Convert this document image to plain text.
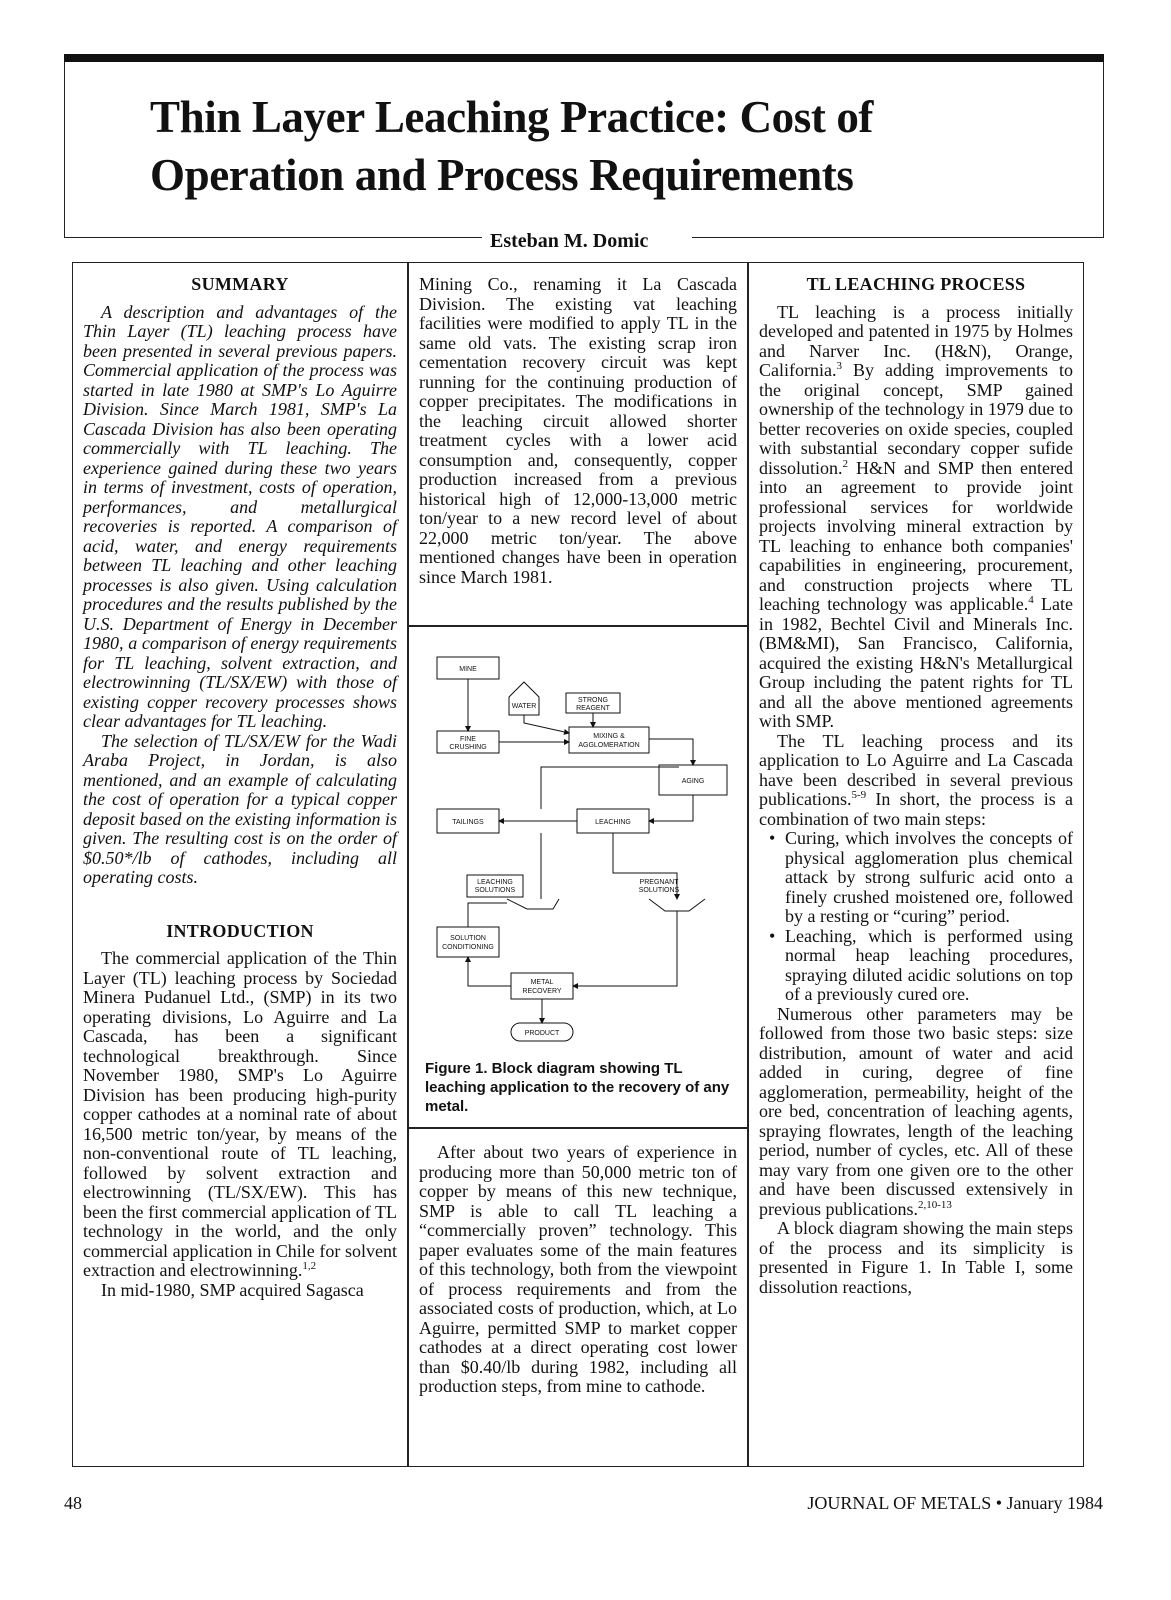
Thin Layer Leaching Practice: Cost of Operation and Process Requirements
Esteban M. Domic
SUMMARY

A description and advantages of the Thin Layer (TL) leaching process have been presented in several previous papers. Commercial application of the process was started in late 1980 at SMP's Lo Aguirre Division. Since March 1981, SMP's La Cascada Division has also been operating commercially with TL leaching. The experience gained during these two years in terms of investment, costs of operation, performances, and metallurgical recoveries is reported. A comparison of acid, water, and energy requirements between TL leaching and other leaching processes is also given. Using calculation procedures and the results published by the U.S. Department of Energy in December 1980, a comparison of energy requirements for TL leaching, solvent extraction, and electrowinning (TL/SX/EW) with those of existing copper recovery processes shows clear advantages for TL leaching.

The selection of TL/SX/EW for the Wadi Araba Project, in Jordan, is also mentioned, and an example of calculating the cost of operation for a typical copper deposit based on the existing information is given. The resulting cost is on the order of $0.50*/lb of cathodes, including all operating costs.

INTRODUCTION

The commercial application of the Thin Layer (TL) leaching process by Sociedad Minera Pudanuel Ltd., (SMP) in its two operating divisions, Lo Aguirre and La Cascada, has been a significant technological breakthrough. Since November 1980, SMP's Lo Aguirre Division has been producing high-purity copper cathodes at a nominal rate of about 16,500 metric ton/year, by means of the non-conventional route of TL leaching, followed by solvent extraction and electrowinning (TL/SX/EW). This has been the first commercial application of TL technology in the world, and the only commercial application in Chile for solvent extraction and electrowinning.$^{1,2}$

In mid-1980, SMP acquired Sagasca

Mining Co., renaming it La Cascada Division. The existing vat leaching facilities were modified to apply TL in the same old vats. The existing scrap iron cementation recovery circuit was kept running for the continuing production of copper precipitates. The modifications in the leaching circuit allowed shorter treatment cycles with a lower acid consumption and, consequently, copper production increased from a previous historical high of 12,000-13,000 metric ton/year to a new record level of about 22,000 metric ton/year. The above mentioned changes have been in operation since March 1981.

MINE
WATER
STRONG
REAGENT
FINE
CRUSHING
MIXING &
AGGLOMERATION
AGING
TAILINGS	LEACHING
LEACHING
SOLUTIONS
PREGNANT
SOLUTIONS
SOLUTION
CONDITIONING
METAL
RECOVERY
PRODUCT
Figure 1. Block diagram showing TL leaching application to the recovery of any metal.

After about two years of experience in producing more than 50,000 metric ton of copper by means of this new technique, SMP is able to call TL leaching a “commercially proven” technology. This paper evaluates some of the main features of this technology, both from the viewpoint of process requirements and from the associated costs of production, which, at Lo Aguirre, permitted SMP to market copper cathodes at a direct operating cost lower than $0.40/lb during 1982, including all production steps, from mine to cathode.

TL LEACHING PROCESS

TL leaching is a process initially developed and patented in 1975 by Holmes and Narver Inc. (H&N), Orange, California.$^3$ By adding improvements to the original concept, SMP gained ownership of the technology in 1979 due to better recoveries on oxide species, coupled with substantial secondary copper sufide dissolution.$^2$ H&N and SMP then entered into an agreement to provide joint professional services for worldwide projects involving mineral extraction by TL leaching to enhance both companies' capabilities in engineering, procurement, and construction projects where TL leaching technology was applicable.$^4$ Late in 1982, Bechtel Civil and Minerals Inc. (BM&MI), San Francisco, California, acquired the existing H&N's Metallurgical Group including the patent rights for TL and all the above mentioned agreements with SMP.

The TL leaching process and its application to Lo Aguirre and La Cascada have been described in several previous publications.$^{5-9}$ In short, the process is a combination of two main steps:

• Curing, which involves the concepts of physical agglomeration plus chemical attack by strong sulfuric acid onto a finely crushed moistened ore, followed by a resting or “curing” period.
• Leaching, which is performed using normal heap leaching procedures, spraying diluted acidic solutions on top of a previously cured ore.

Numerous other parameters may be followed from those two basic steps: size distribution, amount of water and acid added in curing, degree of fine agglomeration, permeability, height of the ore bed, concentration of leaching agents, spraying flowrates, length of the leaching period, number of cycles, etc. All of these may vary from one given ore to the other and have been discussed extensively in previous publications.$^{2,10-13}$

A block diagram showing the main steps of the process and its simplicity is presented in Figure 1. In Table I, some dissolution reactions,

48	JOURNAL OF METALS • January 1984
